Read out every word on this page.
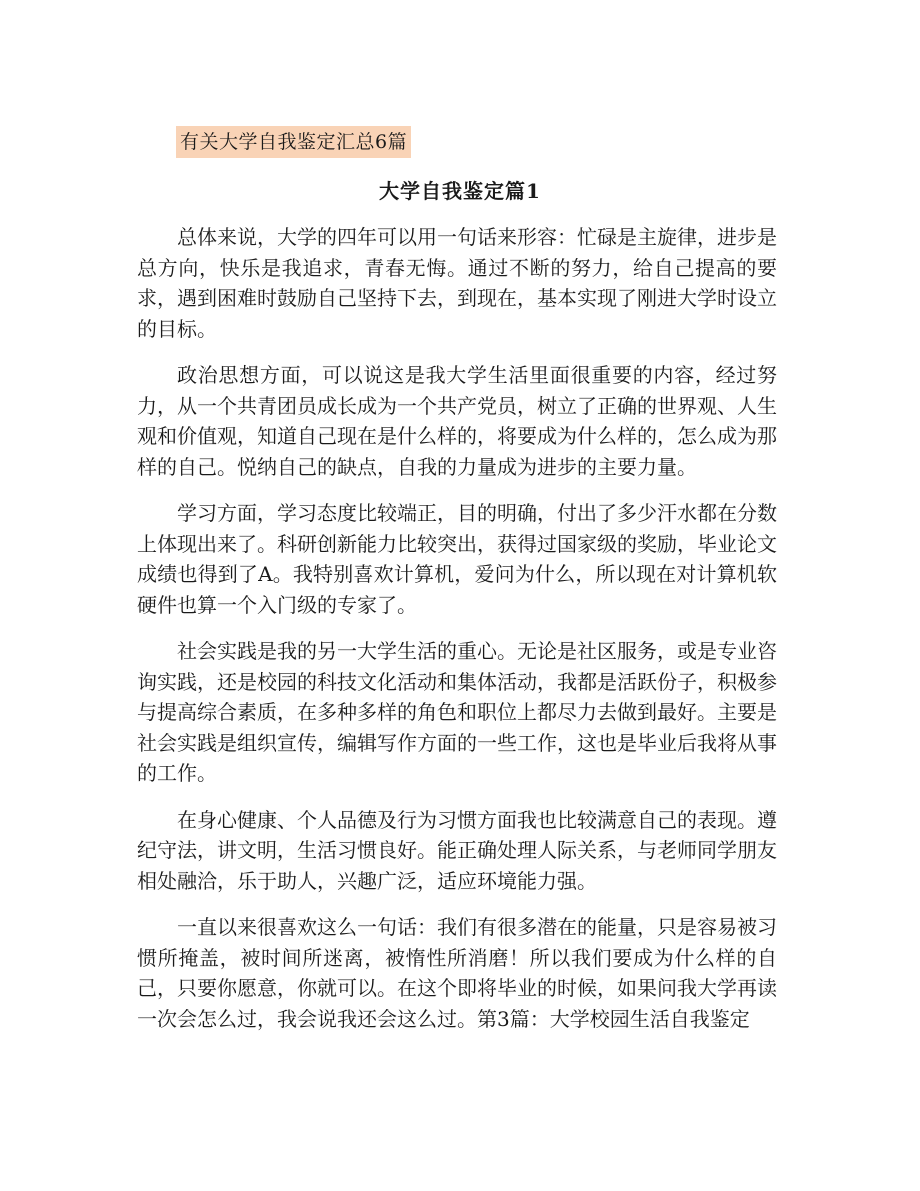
有关大学自我鉴定汇总6篇
大学自我鉴定篇1

总体来说，大学的四年可以用一句话来形容：忙碌是主旋律，进步是总方向，快乐是我追求，青春无悔。通过不断的努力，给自己提高的要求，遇到困难时鼓励自己坚持下去，到现在，基本实现了刚进大学时设立的目标。

政治思想方面，可以说这是我大学生活里面很重要的内容，经过努力，从一个共青团员成长成为一个共产党员，树立了正确的世界观、人生观和价值观，知道自己现在是什么样的，将要成为什么样的，怎么成为那样的自己。悦纳自己的缺点，自我的力量成为进步的主要力量。

学习方面，学习态度比较端正，目的明确，付出了多少汗水都在分数上体现出来了。科研创新能力比较突出，获得过国家级的奖励，毕业论文成绩也得到了A。我特别喜欢计算机，爱问为什么，所以现在对计算机软硬件也算一个入门级的专家了。

社会实践是我的另一大学生活的重心。无论是社区服务，或是专业咨询实践，还是校园的科技文化活动和集体活动，我都是活跃份子，积极参与提高综合素质，在多种多样的角色和职位上都尽力去做到最好。主要是社会实践是组织宣传，编辑写作方面的一些工作，这也是毕业后我将从事的工作。

在身心健康、个人品德及行为习惯方面我也比较满意自己的表现。遵纪守法，讲文明，生活习惯良好。能正确处理人际关系，与老师同学朋友相处融洽，乐于助人，兴趣广泛，适应环境能力强。

一直以来很喜欢这么一句话：我们有很多潜在的能量，只是容易被习惯所掩盖，被时间所迷离，被惰性所消磨！所以我们要成为什么样的自己，只要你愿意，你就可以。在这个即将毕业的时候，如果问我大学再读一次会怎么过，我会说我还会这么过。第3篇：大学校园生活自我鉴定
